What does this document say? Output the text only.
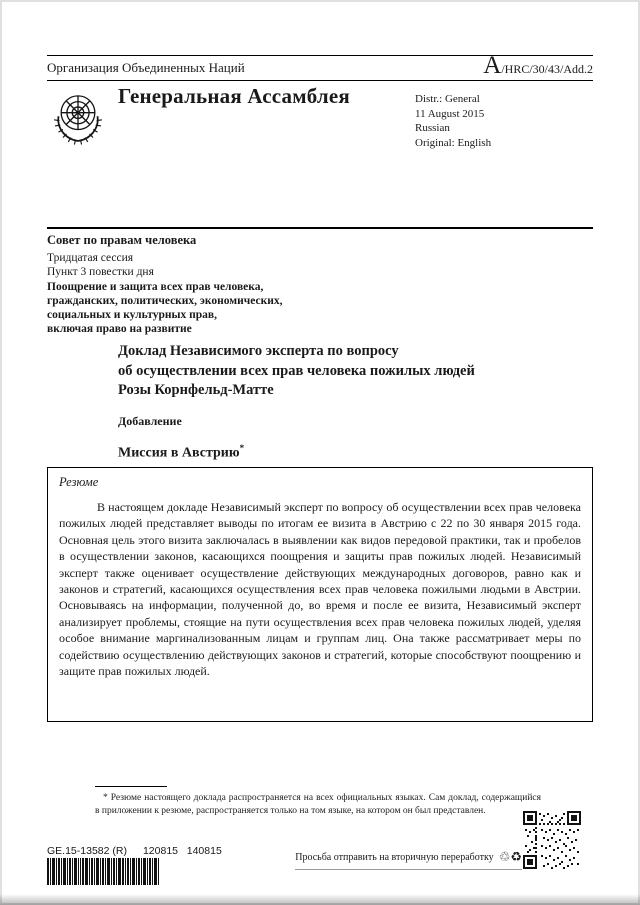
Организация Объединенных Наций	A/HRC/30/43/Add.2
Генеральная Ассамблея	Distr.: General
11 August 2015
Russian
Original: English
Совет по правам человека
Тридцатая сессия
Пункт 3 повестки дня
Поощрение и защита всех прав человека,
гражданских, политических, экономических,
социальных и культурных прав,
включая право на развитие
Доклад Независимого эксперта по вопросу
об осуществлении всех прав человека пожилых людей
Розы Корнфельд-Матте
Добавление
Миссия в Австрию*
Резюме

В настоящем докладе Независимый эксперт по вопросу об осуществлении всех прав человека пожилых людей представляет выводы по итогам ее визита в Австрию с 22 по 30 января 2015 года. Основная цель этого визита заключалась в выявлении как видов передовой практики, так и пробелов в осуществлении законов, касающихся поощрения и защиты прав пожилых людей. Независимый эксперт также оценивает осуществление действующих международных договоров, равно как и законов и стратегий, касающихся осуществления всех прав человека пожилыми людьми в Австрии. Основываясь на информации, полученной до, во время и после ее визита, Независимый эксперт анализирует проблемы, стоящие на пути осуществления всех прав человека пожилых людей, уделяя особое внимание маргинализованным лицам и группам лиц. Она также рассматривает меры по содействию осуществлению действующих законов и стратегий, которые способствуют поощрению и защите прав пожилых людей.

* Резюме настоящего доклада распространяется на всех официальных языках. Сам доклад, содержащийся в приложении к резюме, распространяется только на том языке, на котором он был представлен.

GE.15-13582 (R) 120815   140815
Просьба отправить на вторичную переработку ♲♻
